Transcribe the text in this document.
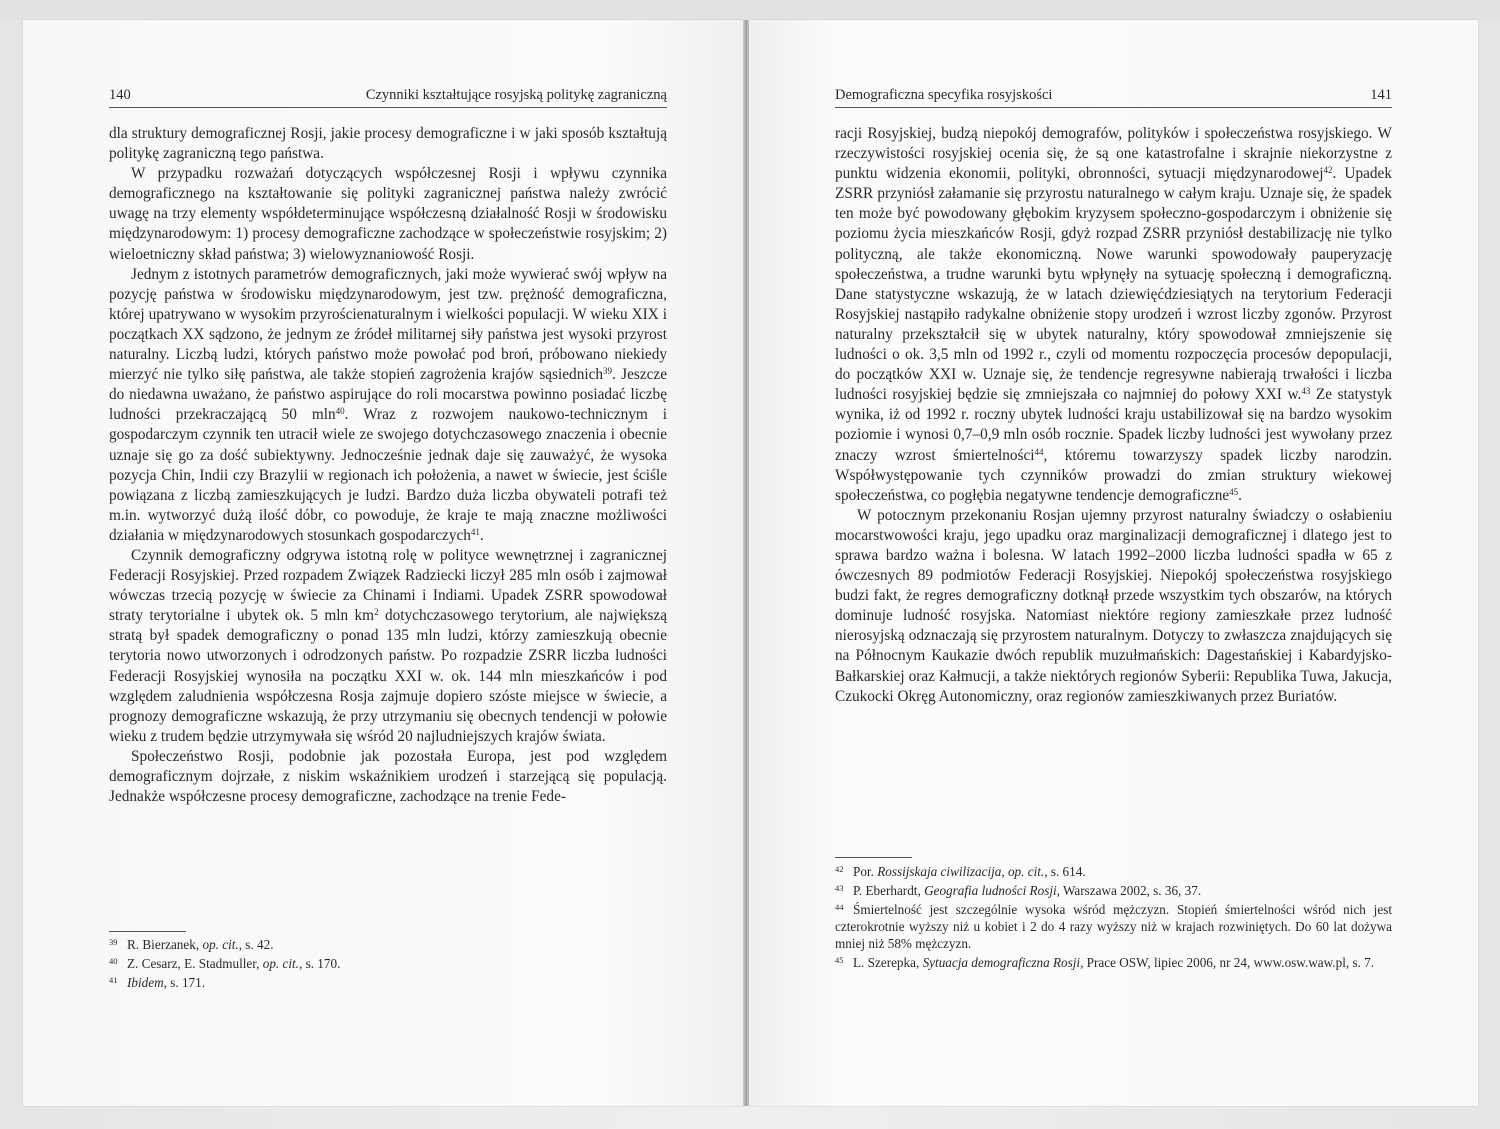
140	Czynniki kształtujące rosyjską politykę zagraniczną

dla struktury demograficznej Rosji, jakie procesy demograficzne i w jaki sposób kształtują politykę zagraniczną tego państwa.

W przypadku rozważań dotyczących współczesnej Rosji i wpływu czynnika demograficznego na kształtowanie się polityki zagranicznej państwa należy zwrócić uwagę na trzy elementy współdeterminujące współczesną działalność Rosji w środowisku międzynarodowym: 1) procesy demograficzne zachodzące w społeczeństwie rosyjskim; 2) wieloetniczny skład państwa; 3) wielowyznaniowość Rosji.

Jednym z istotnych parametrów demograficznych, jaki może wywierać swój wpływ na pozycję państwa w środowisku międzynarodowym, jest tzw. prężność demograficzna, której upatrywano w wysokim przyrościenaturalnym i wielkości populacji. W wieku XIX i początkach XX sądzono, że jednym ze źródeł militarnej siły państwa jest wysoki przyrost naturalny. Liczbą ludzi, których państwo może powołać pod broń, próbowano niekiedy mierzyć nie tylko siłę państwa, ale także stopień zagrożenia krajów sąsiednich$^{39}$. Jeszcze do niedawna uważano, że państwo aspirujące do roli mocarstwa powinno posiadać liczbę ludności przekraczającą 50 mln$^{40}$. Wraz z rozwojem naukowo-technicznym i gospodarczym czynnik ten utracił wiele ze swojego dotychczasowego znaczenia i obecnie uznaje się go za dość subiektywny. Jednocześnie jednak daje się zauważyć, że wysoka pozycja Chin, Indii czy Brazylii w regionach ich położenia, a nawet w świecie, jest ściśle powiązana z liczbą zamieszkujących je ludzi. Bardzo duża liczba obywateli potrafi też m.in. wytworzyć dużą ilość dóbr, co powoduje, że kraje te mają znaczne możliwości działania w międzynarodowych stosunkach gospodarczych$^{41}$.

Czynnik demograficzny odgrywa istotną rolę w polityce wewnętrznej i zagranicznej Federacji Rosyjskiej. Przed rozpadem Związek Radziecki liczył 285 mln osób i zajmował wówczas trzecią pozycję w świecie za Chinami i Indiami. Upadek ZSRR spowodował straty terytorialne i ubytek ok. 5 mln $km^2$ dotychczasowego terytorium, ale największą stratą był spadek demograficzny o ponad 135 mln ludzi, którzy zamieszkują obecnie terytoria nowo utworzonych i odrodzonych państw. Po rozpadzie ZSRR liczba ludności Federacji Rosyjskiej wynosiła na początku XXI w. ok. 144 mln mieszkańców i pod względem zaludnienia współczesna Rosja zajmuje dopiero szóste miejsce w świecie, a prognozy demograficzne wskazują, że przy utrzymaniu się obecnych tendencji w połowie wieku z trudem będzie utrzymywała się wśród 20 najludniejszych krajów świata.

Społeczeństwo Rosji, podobnie jak pozostała Europa, jest pod względem demograficznym dojrzałe, z niskim wskaźnikiem urodzeń i starzejącą się populacją. Jednakże współczesne procesy demograficzne, zachodzące na trenie Fede-

39 R. Bierzanek, op. cit., s. 42.
40 Z. Cesarz, E. Stadmuller, op. cit., s. 170.
41 Ibidem, s. 171.
Demograficzna specyfika rosyjskości	141

racji Rosyjskiej, budzą niepokój demografów, polityków i społeczeństwa rosyjskiego. W rzeczywistości rosyjskiej ocenia się, że są one katastrofalne i skrajnie niekorzystne z punktu widzenia ekonomii, polityki, obronności, sytuacji międzynarodowej$^{42}$. Upadek ZSRR przyniósł załamanie się przyrostu naturalnego w całym kraju. Uznaje się, że spadek ten może być powodowany głębokim kryzysem społeczno-gospodarczym i obniżenie się poziomu życia mieszkańców Rosji, gdyż rozpad ZSRR przyniósł destabilizację nie tylko polityczną, ale także ekonomiczną. Nowe warunki spowodowały pauperyzację społeczeństwa, a trudne warunki bytu wpłynęły na sytuację społeczną i demograficzną. Dane statystyczne wskazują, że w latach dziewięćdziesiątych na terytorium Federacji Rosyjskiej nastąpiło radykalne obniżenie stopy urodzeń i wzrost liczby zgonów. Przyrost naturalny przekształcił się w ubytek naturalny, który spowodował zmniejszenie się ludności o ok. 3,5 mln od 1992 r., czyli od momentu rozpoczęcia procesów depopulacji, do początków XXI w. Uznaje się, że tendencje regresywne nabierają trwałości i liczba ludności rosyjskiej będzie się zmniejszała co najmniej do połowy XXI w.$^{43}$ Ze statystyk wynika, iż od 1992 r. roczny ubytek ludności kraju ustabilizował się na bardzo wysokim poziomie i wynosi 0,7–0,9 mln osób rocznie. Spadek liczby ludności jest wywołany przez znaczy wzrost śmiertelności$^{44}$, któremu towarzyszy spadek liczby narodzin. Współwystępowanie tych czynników prowadzi do zmian struktury wiekowej społeczeństwa, co pogłębia negatywne tendencje demograficzne$^{45}$.

W potocznym przekonaniu Rosjan ujemny przyrost naturalny świadczy o osłabieniu mocarstwowości kraju, jego upadku oraz marginalizacji demograficznej i dlatego jest to sprawa bardzo ważna i bolesna. W latach 1992–2000 liczba ludności spadła w 65 z ówczesnych 89 podmiotów Federacji Rosyjskiej. Niepokój społeczeństwa rosyjskiego budzi fakt, że regres demograficzny dotknął przede wszystkim tych obszarów, na których dominuje ludność rosyjska. Natomiast niektóre regiony zamieszkałe przez ludność nierosyjską odznaczają się przyrostem naturalnym. Dotyczy to zwłaszcza znajdujących się na Północnym Kaukazie dwóch republik muzułmańskich: Dagestańskiej i Kabardyjsko-Bałkarskiej oraz Kałmucji, a także niektórych regionów Syberii: Republika Tuwa, Jakucja, Czukocki Okręg Autonomiczny, oraz regionów zamieszkiwanych przez Buriatów.

42 Por. Rossijskaja ciwilizacija, op. cit., s. 614.
43 P. Eberhardt, Geografia ludności Rosji, Warszawa 2002, s. 36, 37.
44 Śmiertelność jest szczególnie wysoka wśród mężczyzn. Stopień śmiertelności wśród nich jest czterokrotnie wyższy niż u kobiet i 2 do 4 razy wyższy niż w krajach rozwiniętych. Do 60 lat dożywa mniej niż 58% mężczyzn.
45 L. Szerepka, Sytuacja demograficzna Rosji, Prace OSW, lipiec 2006, nr 24, www.osw.waw.pl, s. 7.
